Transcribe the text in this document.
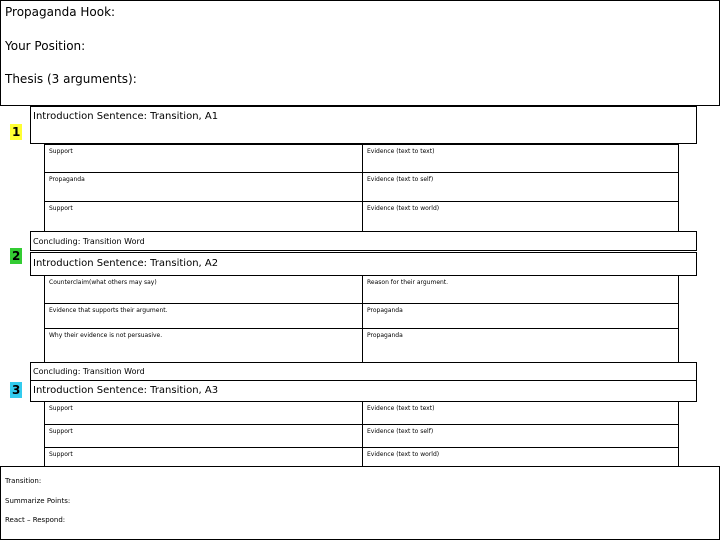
Propaganda Hook:
Your Position:
Thesis (3 arguments):
1
Introduction Sentence: Transition, A1
Support	Evidence (text to text)
Propaganda	Evidence (text to self)
Support	Evidence (text to world)
Concluding: Transition Word
2
Introduction Sentence: Transition, A2
Counterclaim(what others may say)	Reason for their argument.
Evidence that supports their argument.	Propaganda
Why their evidence is not persuasive.	Propaganda
Concluding: Transition Word
3 Introduction Sentence: Transition, A3
Support	Evidence (text to text)
Support	Evidence (text to self)
Support	Evidence (text to world)
Transition:
Summarize Points:
React – Respond:
